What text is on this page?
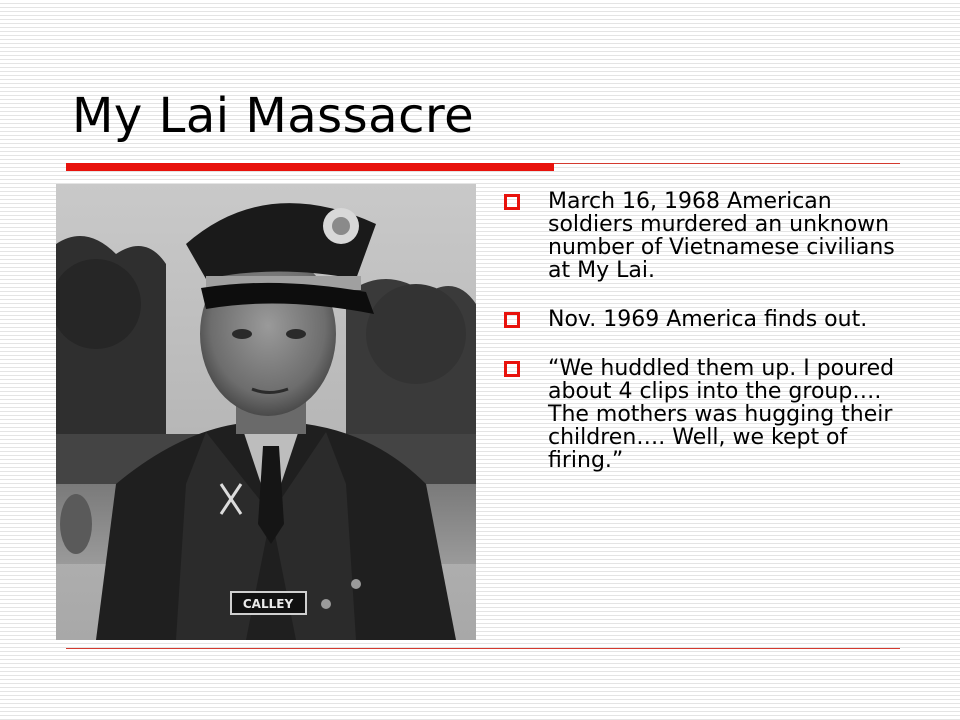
My Lai Massacre
CALLEY
March 16, 1968 American soldiers murdered an unknown number of Vietnamese civilians at My Lai.
Nov. 1969 America finds out.
“We huddled them up. I poured about 4 clips into the group…. The mothers was hugging their children…. Well, we kept of firing.”
